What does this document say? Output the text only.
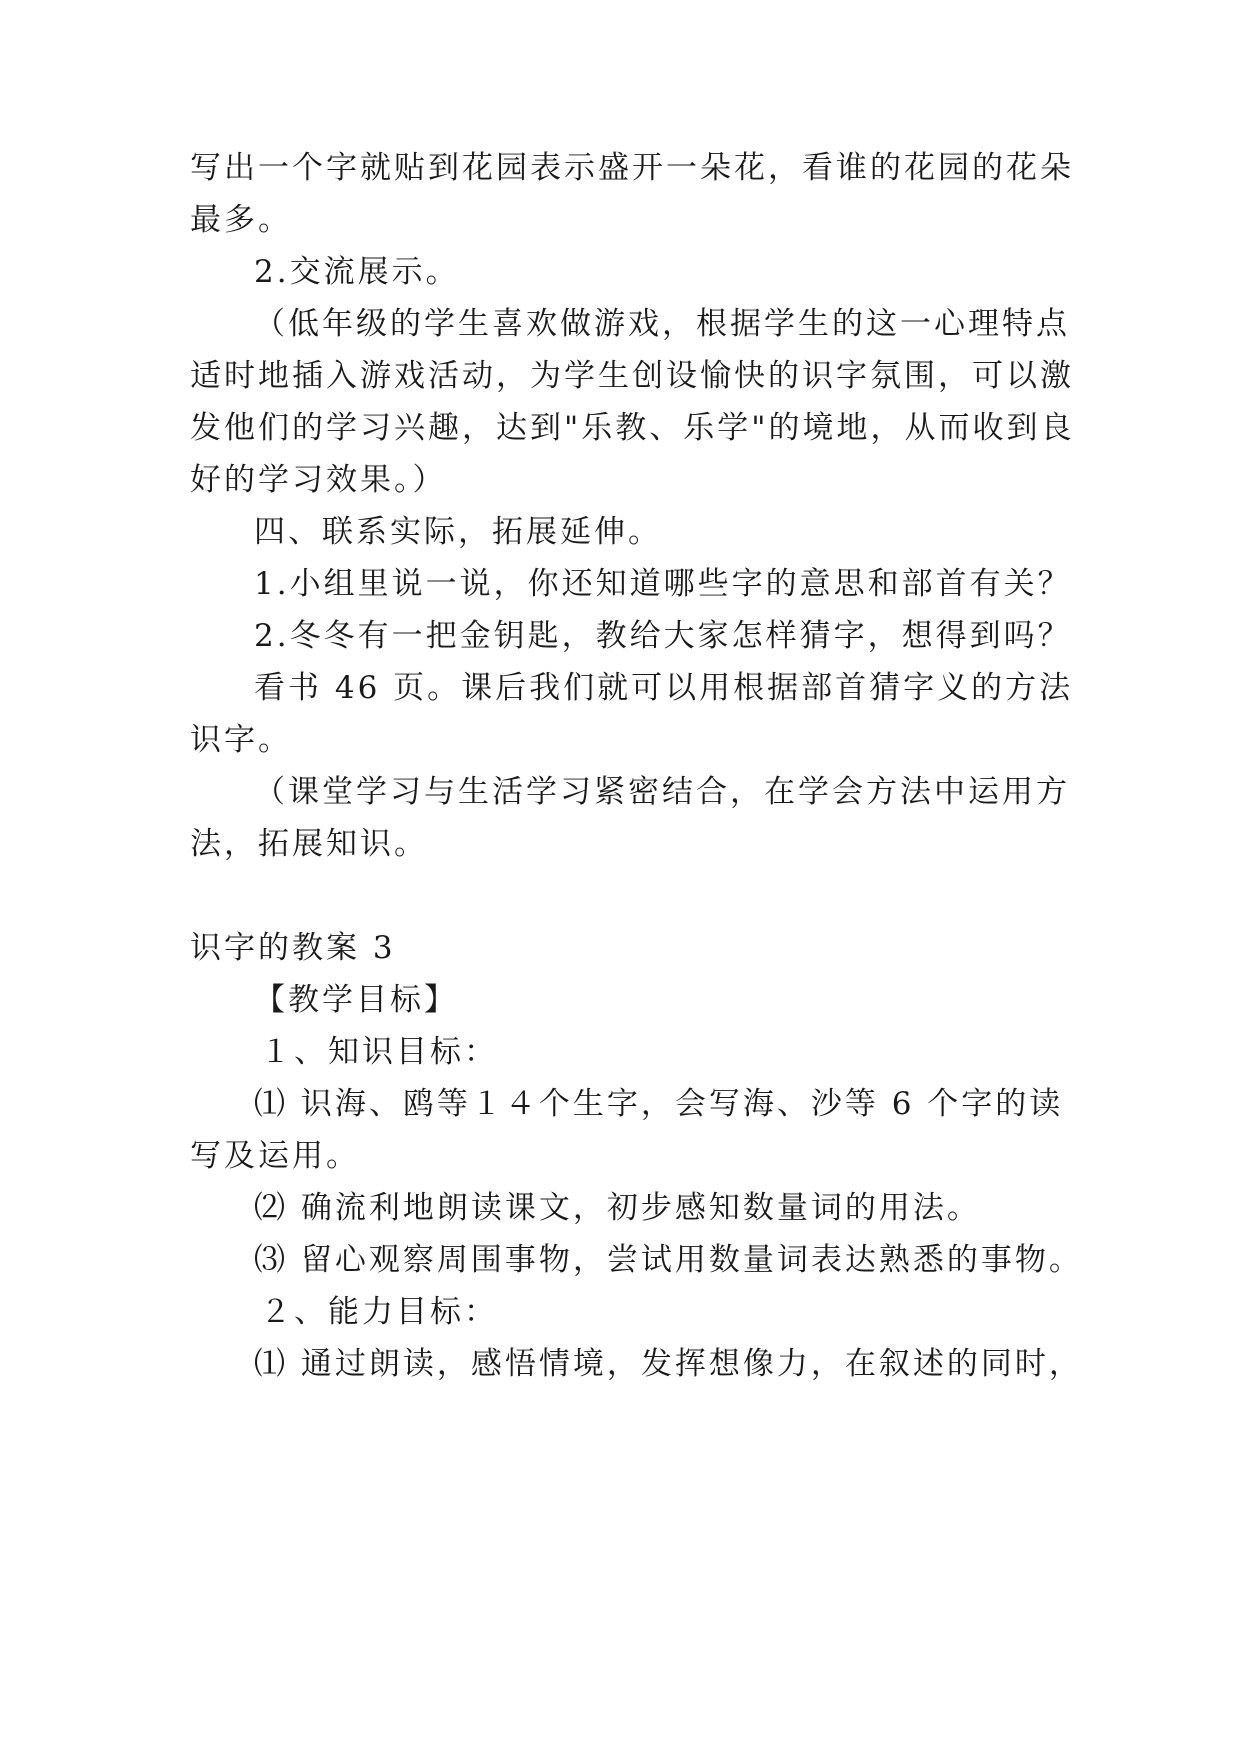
写出一个字就贴到花园表示盛开一朵花，看谁的花园的花朵
最多。
2.交流展示。
（低年级的学生喜欢做游戏，根据学生的这一心理特点
适时地插入游戏活动，为学生创设愉快的识字氛围，可以激
发他们的学习兴趣，达到"乐教、乐学"的境地，从而收到良
好的学习效果。）
四、联系实际，拓展延伸。
1.小组里说一说，你还知道哪些字的意思和部首有关？
2.冬冬有一把金钥匙，教给大家怎样猜字，想得到吗？
看书 46 页。课后我们就可以用根据部首猜字义的方法
识字。
（课堂学习与生活学习紧密结合，在学会方法中运用方
法，拓展知识。
识字的教案 3
【教学目标】
１、知识目标：
⑴ 识海、鸥等１４个生字，会写海、沙等 6 个字的读
写及运用。
⑵ 确流利地朗读课文，初步感知数量词的用法。
⑶ 留心观察周围事物，尝试用数量词表达熟悉的事物。
２、能力目标：
⑴ 通过朗读，感悟情境，发挥想像力，在叙述的同时，
